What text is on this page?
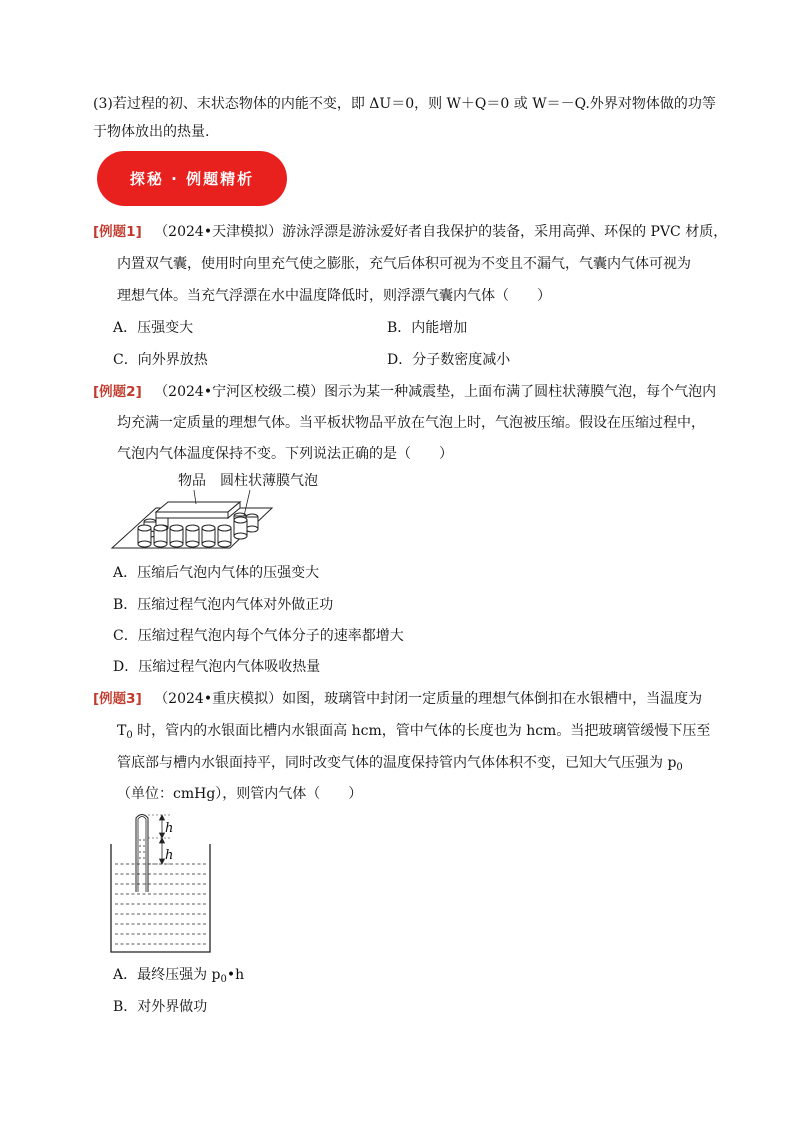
(3)若过程的初、末状态物体的内能不变，即 ΔU＝0，则 W＋Q＝0 或 W＝－Q.外界对物体做的功等
于物体放出的热量.
探秘 · 例题精析
[例题1] （2024•天津模拟）游泳浮漂是游泳爱好者自我保护的装备，采用高弹、环保的 PVC 材质，
内置双气囊，使用时向里充气使之膨胀，充气后体积可视为不变且不漏气，气囊内气体可视为
理想气体。当充气浮漂在水中温度降低时，则浮漂气囊内气体（　　）
A．压强变大	B．内能增加
C．向外界放热	D．分子数密度减小
[例题2] （2024•宁河区校级二模）图示为某一种减震垫，上面布满了圆柱状薄膜气泡，每个气泡内
均充满一定质量的理想气体。当平板状物品平放在气泡上时，气泡被压缩。假设在压缩过程中，
气泡内气体温度保持不变。下列说法正确的是（　　）
物品 圆柱状薄膜气泡
A．压缩后气泡内气体的压强变大
B．压缩过程气泡内气体对外做正功
C．压缩过程气泡内每个气体分子的速率都增大
D．压缩过程气泡内气体吸收热量
[例题3] （2024•重庆模拟）如图，玻璃管中封闭一定质量的理想气体倒扣在水银槽中，当温度为
$T_0$ 时，管内的水银面比槽内水银面高 hcm，管中气体的长度也为 hcm。当把玻璃管缓慢下压至
管底部与槽内水银面持平，同时改变气体的温度保持管内气体体积不变，已知大气压强为 $p_0$
（单位：cmHg），则管内气体（　　）
h
h
A．最终压强为 $p_0•h$
B．对外界做功
